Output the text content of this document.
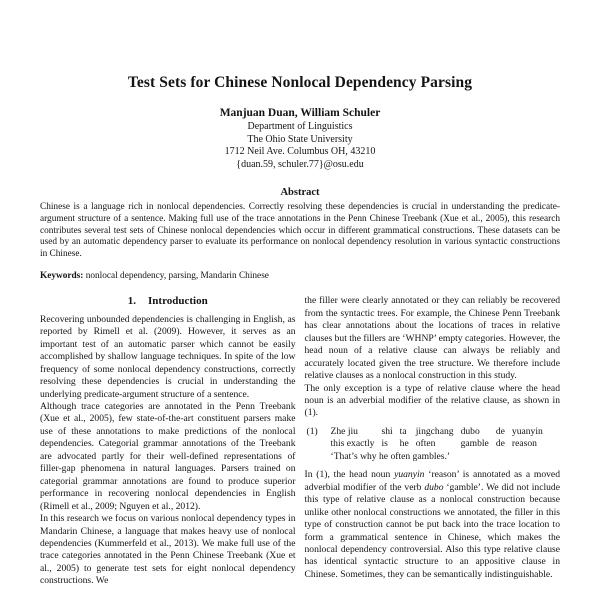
Test Sets for Chinese Nonlocal Dependency Parsing
Manjuan Duan, William Schuler
Department of Linguistics
The Ohio State University
1712 Neil Ave. Columbus OH, 43210
{duan.59, schuler.77}@osu.edu
Abstract

Chinese is a language rich in nonlocal dependencies. Correctly resolving these dependencies is crucial in understanding the predicate-argument structure of a sentence. Making full use of the trace annotations in the Penn Chinese Treebank (Xue et al., 2005), this research contributes several test sets of Chinese nonlocal dependencies which occur in different grammatical constructions. These datasets can be used by an automatic dependency parser to evaluate its performance on nonlocal dependency resolution in various syntactic constructions in Chinese.

Keywords: nonlocal dependency, parsing, Mandarin Chinese

1. Introduction

Recovering unbounded dependencies is challenging in English, as reported by Rimell et al. (2009). However, it serves as an important test of an automatic parser which cannot be easily accomplished by shallow language techniques. In spite of the low frequency of some nonlocal dependency constructions, correctly resolving these dependencies is crucial in understanding the underlying predicate-argument structure of a sentence.

Although trace categories are annotated in the Penn Treebank (Xue et al., 2005), few state-of-the-art constituent parsers make use of these annotations to make predictions of the nonlocal dependencies. Categorial grammar annotations of the Treebank are advocated partly for their well-defined representations of filler-gap phenomena in natural languages. Parsers trained on categorial grammar annotations are found to produce superior performance in recovering nonlocal dependencies in English (Rimell et al., 2009; Nguyen et al., 2012).

In this research we focus on various nonlocal dependency types in Mandarin Chinese, a language that makes heavy use of nonlocal dependencies (Kummerfeld et al., 2013). We make full use of the trace categories annotated in the Penn Chinese Treebank (Xue et al., 2005) to generate test sets for eight nonlocal dependency constructions. We

the filler were clearly annotated or they can reliably be recovered from the syntactic trees. For example, the Chinese Penn Treebank has clear annotations about the locations of traces in relative clauses but the fillers are ‘WHNP’ empty categories. However, the head noun of a relative clause can always be reliably and accurately located given the tree structure. We therefore include relative clauses as a nonlocal construction in this study.

The only exception is a type of relative clause where the head noun is an adverbial modifier of the relative clause, as shown in (1).

(1)	Zhe jiu
this exactly
shi
is
ta
he
jingchang
often
dubo
gamble
de
de
yuanyin
reason
‘That’s why he often gambles.’

In (1), the head noun yuanyin ‘reason’ is annotated as a moved adverbial modifier of the verb dubo ‘gamble’. We did not include this type of relative clause as a nonlocal construction because unlike other nonlocal constructions we annotated, the filler in this type of construction cannot be put back into the trace location to form a grammatical sentence in Chinese, which makes the nonlocal dependency controversial. Also this type relative clause has identical syntactic structure to an appositive clause in Chinese. Sometimes, they can be semantically indistinguishable.
